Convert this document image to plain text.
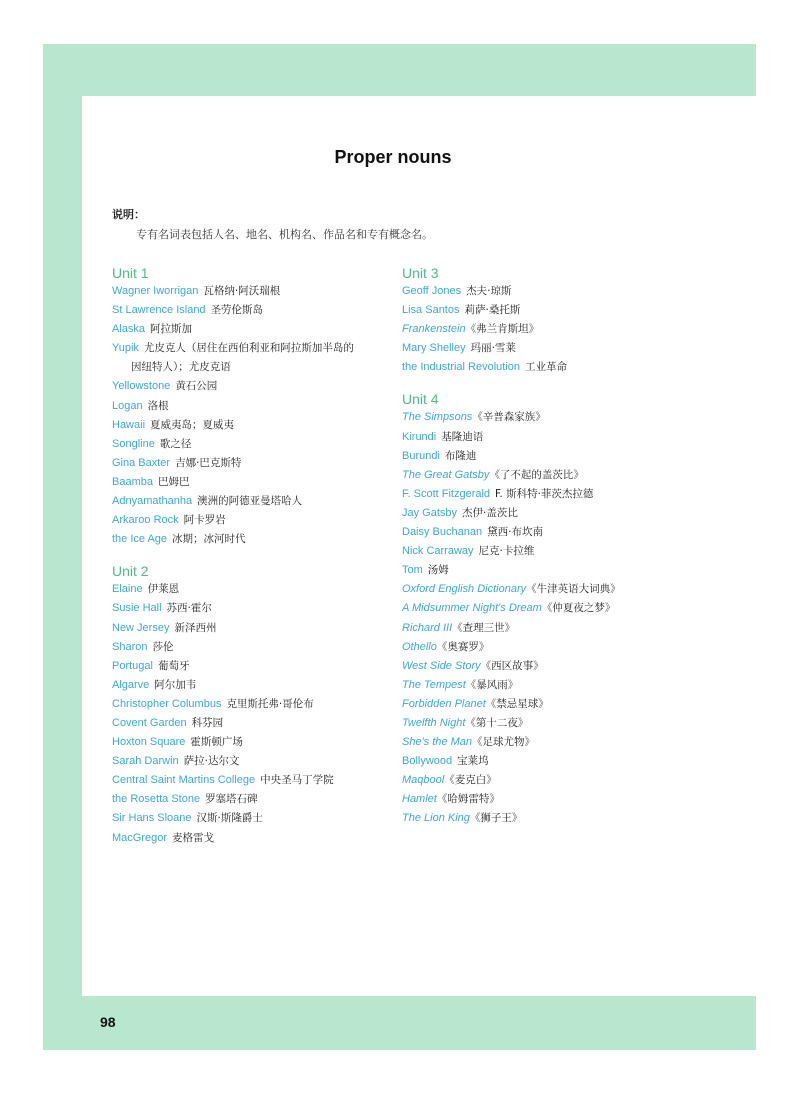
Proper nouns
说明：
专有名词表包括人名、地名、机构名、作品名和专有概念名。
Unit 1
Wagner Iworrigan 瓦格纳·阿沃瑞根
St Lawrence Island 圣劳伦斯岛
Alaska 阿拉斯加
Yupik 尤皮克人（居住在西伯利亚和阿拉斯加半岛的
因纽特人）；尤皮克语
Yellowstone 黄石公园
Logan 洛根
Hawaii 夏威夷岛；夏威夷
Songline 歌之径
Gina Baxter 吉娜·巴克斯特
Baamba 巴姆巴
Adnyamathanha 澳洲的阿德亚曼塔哈人
Arkaroo Rock 阿卡罗岩
the Ice Age 冰期；冰河时代
Unit 2
Elaine 伊莱恩
Susie Hall 苏西·霍尔
New Jersey 新泽西州
Sharon 莎伦
Portugal 葡萄牙
Algarve 阿尔加韦
Christopher Columbus 克里斯托弗·哥伦布
Covent Garden 科芬园
Hoxton Square 霍斯顿广场
Sarah Darwin 萨拉·达尔文
Central Saint Martins College 中央圣马丁学院
the Rosetta Stone 罗塞塔石碑
Sir Hans Sloane 汉斯·斯隆爵士
MacGregor 麦格雷戈
Unit 3
Geoff Jones 杰夫·琼斯
Lisa Santos 莉萨·桑托斯
Frankenstein《弗兰肯斯坦》
Mary Shelley 玛丽·雪莱
the Industrial Revolution 工业革命
Unit 4
The Simpsons《辛普森家族》
Kirundi 基隆迪语
Burundi 布隆迪
The Great Gatsby《了不起的盖茨比》
F. Scott Fitzgerald F. 斯科特·菲茨杰拉德
Jay Gatsby 杰伊·盖茨比
Daisy Buchanan 黛西·布坎南
Nick Carraway 尼克·卡拉维
Tom 汤姆
Oxford English Dictionary《牛津英语大词典》
A Midsummer Night's Dream《仲夏夜之梦》
Richard III《查理三世》
Othello《奥赛罗》
West Side Story《西区故事》
The Tempest《暴风雨》
Forbidden Planet《禁忌星球》
Twelfth Night《第十二夜》
She's the Man《足球尤物》
Bollywood 宝莱坞
Maqbool《麦克白》
Hamlet《哈姆雷特》
The Lion King《狮子王》
98
